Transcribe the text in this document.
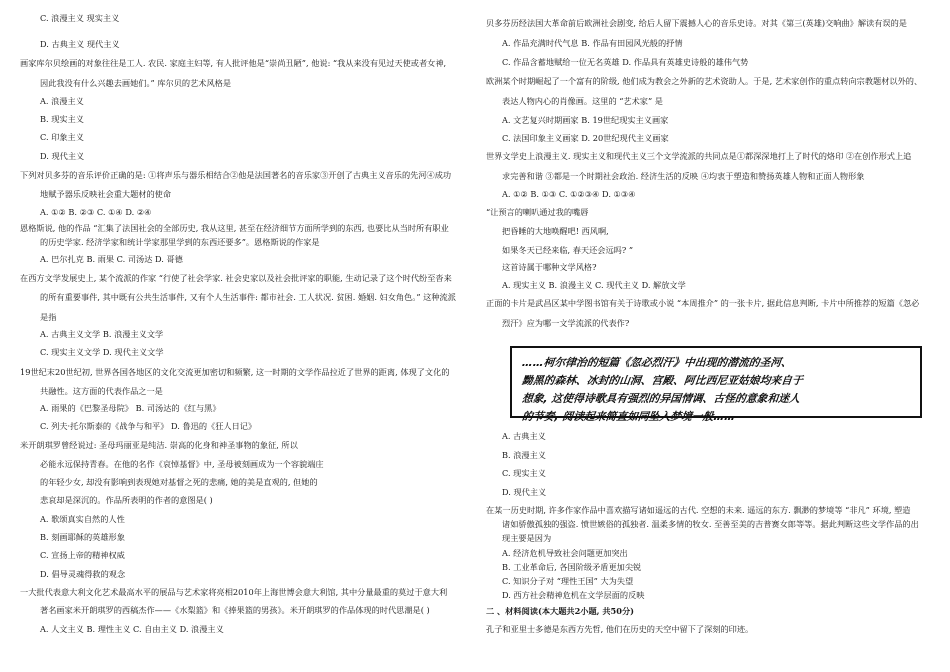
C. 浪漫主义 现实主义
D. 古典主义 现代主义
画家库尔贝绘画的对象往往是工人. 农民. 家庭主妇等, 有人批评他是“崇尚丑陋”, 他说: “我从来没有见过天使或者女神,
因此我没有什么兴趣去画她们。” 库尔贝的艺术风格是
A. 浪漫主义
B. 现实主义
C. 印象主义
D. 现代主义
下列对贝多芬的音乐评价正确的是: ①将声乐与器乐相结合②他是法国著名的音乐家③开创了古典主义音乐的先河④成功
地赋予器乐反映社会重大题材的使命
A. ①② B. ②③ C. ①④ D. ②④
恩格斯说, 他的作品 “汇集了法国社会的全部历史, 我从这里, 甚至在经济细节方面所学到的东西, 也要比从当时所有职业
的历史学家. 经济学家和统计学家那里学到的东西还要多”。恩格斯说的作家是
A. 巴尔扎克 B. 雨果 C. 司汤达 D. 哥德
在西方文学发展史上, 某个流派的作家 “行使了社会学家. 社会史家以及社会批评家的职能, 生动记录了这个时代纷至沓来
的所有重要事件, 其中既有公共生活事件, 又有个人生活事件: 都市社会. 工人状况. 贫困. 婚姻. 妇女角色。” 这种流派
是指
A. 古典主义文学 B. 浪漫主义文学
C. 现实主义文学 D. 现代主义文学
19世纪末20世纪初, 世界各国各地区的文化交流更加密切和频繁, 这一时期的文学作品拉近了世界的距离, 体现了文化的
共融性。这方面的代表作品之一是
A. 雨果的《巴黎圣母院》 B. 司汤达的《红与黑》
C. 列夫·托尔斯泰的《战争与和平》 D. 鲁迅的《狂人日记》
米开朗琪罗曾经说过: 圣母玛丽亚是纯洁. 崇高的化身和神圣事物的象征, 所以
必能永远保持青春。在他的名作《哀悼基督》中, 圣母被刻画成为一个容貌端庄
的年轻少女, 却没有影响到表现她对基督之死的悲痛, 她的美是直观的, 但她的
悲哀却是深沉的。作品所表明的作者的意图是( )
A. 歌颂真实自然的人性
B. 刻画耶稣的英雄形象
C. 宣扬上帝的精神权威
D. 倡导灵魂得救的观念
一大批代表意大利文化艺术最高水平的展品与艺术家将亮相2010年上海世博会意大利馆, 其中分量最重的莫过于意大利
著名画家米开朗琪罗的西稿杰作——《水梨篮》和《捧果篮的男孩》。米开朗琪罗的作品体现的时代思潮是( )
A. 人文主义 B. 理性主义 C. 自由主义 D. 浪漫主义
……柯尔律治的短篇《忽必烈汗》中出现的潜流的圣河、
黝黑的森林、冰封的山洞、宫殿、阿比西尼亚姑娘均来自于
想象, 这使得诗歌具有强烈的异国情调、古怪的意象和迷人
的节奏, 阅读起来简直如同坠入梦境一般……
贝多芬历经法国大革命前后欧洲社会剧变, 给后人留下震撼人心的音乐史诗。对其《第三(英雄)交响曲》解读有误的是
A. 作品充满时代气息 B. 作品有田园风光般的抒情
C. 作品含蓄地赋给一位无名英雄 D. 作品具有英雄史诗般的雄伟气势
欧洲某个时期崛起了一个富有的阶级, 他们成为教会之外新的艺术资助人。于是, 艺术家创作的重点转向宗教题材以外的、
表达人物内心的肖像画。这里的 “艺术家” 是
A. 文艺复兴时期画家 B. 19世纪现实主义画家
C. 法国印象主义画家 D. 20世纪现代主义画家
世界文学史上浪漫主义. 现实主义和现代主义三个文学流派的共同点是①都深深地打上了时代的烙印 ②在创作形式上追
求完善和谐 ③都是一个时期社会政治. 经济生活的反映 ④均衷于塑造和赞扬英雄人物和正面人物形象
A. ①② B. ①③ C. ①②③④ D. ①③④
“让预言的喇叭通过我的嘴唇
把昏睡的大地唤醒吧! 西风啊,
如果冬天已经来临, 春天还会远吗? ”
这首诗属于哪种文学风格?
A. 现实主义 B. 浪漫主义 C. 现代主义 D. 解放文学
正面的卡片是武昌区某中学图书馆有关于诗歌或小说 “本周推介” 的一张卡片, 据此信息判断, 卡片中所推荐的短篇《忽必
烈汗》应为哪一文学流派的代表作?
A. 古典主义
B. 浪漫主义
C. 现实主义
D. 现代主义
在某一历史时期, 许多作家作品中喜欢描写诸如遥远的古代. 空想的未来. 遥远的东方. 飘渺的梦境等 “非凡” 环境, 塑造
诸如骄傲孤独的强盗. 愤世嫉俗的孤独者. 温柔多情的牧女. 至善至美的吉普赛女郎等等。据此判断这些文学作品的出
现主要是因为
A. 经济危机导致社会问题更加突出
B. 工业革命后, 各国阶级矛盾更加尖锐
C. 知识分子对 “理性王国” 大为失望
D. 西方社会精神危机在文学层面的反映
二 、材料阅读(本大题共2小题, 共50分)
孔子和亚里士多德是东西方先哲, 他们在历史的天空中留下了深刻的印迹。
